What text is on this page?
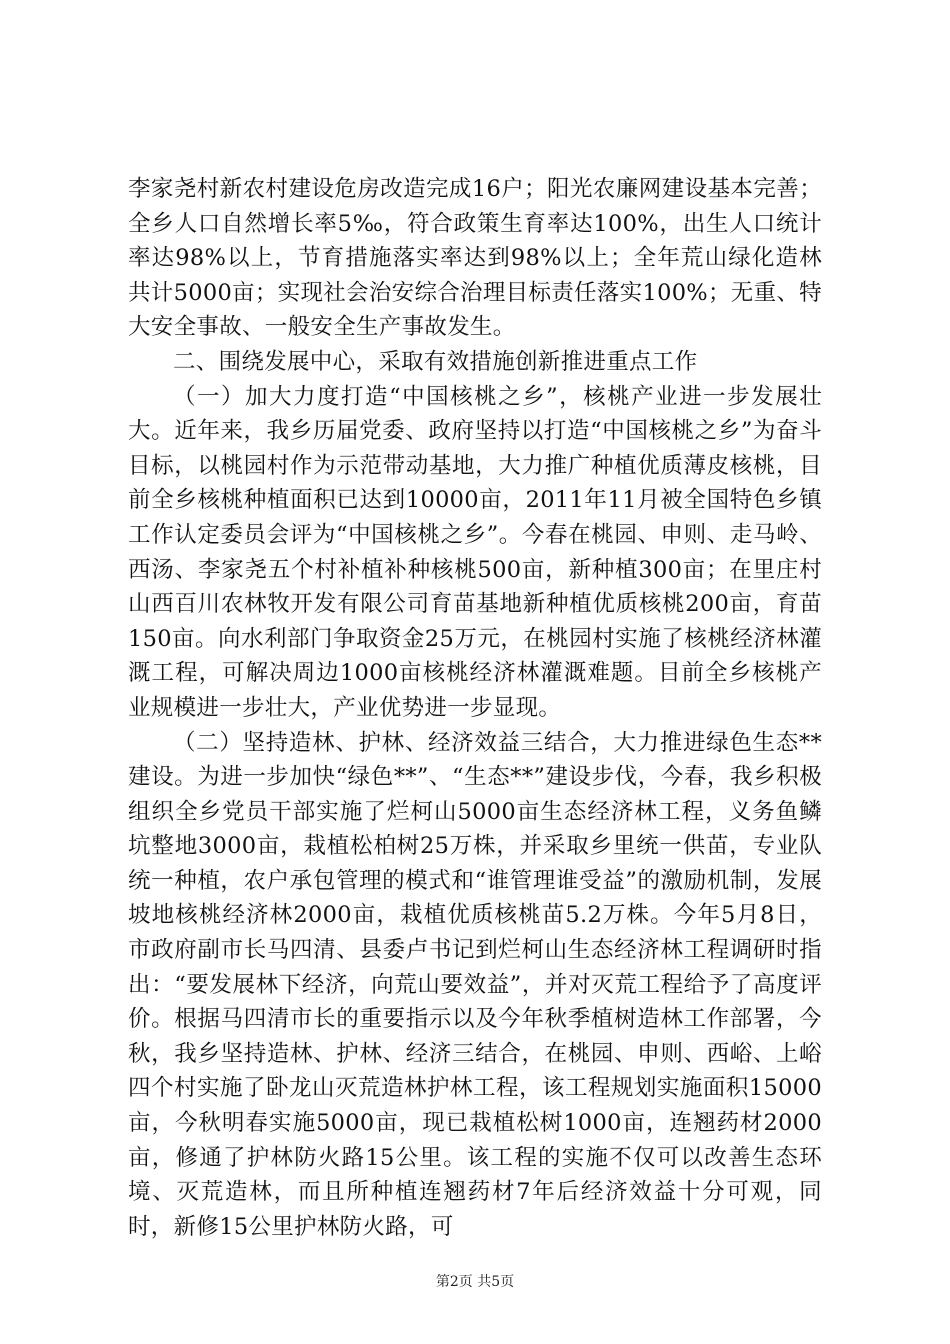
李家尧村新农村建设危房改造完成16户；阳光农廉网建设基本完善；全乡人口自然增长率5‰，符合政策生育率达100%，出生人口统计率达98%以上，节育措施落实率达到98%以上；全年荒山绿化造林共计5000亩；实现社会治安综合治理目标责任落实100%；无重、特大安全事故、一般安全生产事故发生。

二、围绕发展中心，采取有效措施创新推进重点工作

（一）加大力度打造“中国核桃之乡”，核桃产业进一步发展壮大。近年来，我乡历届党委、政府坚持以打造“中国核桃之乡”为奋斗目标，以桃园村作为示范带动基地，大力推广种植优质薄皮核桃，目前全乡核桃种植面积已达到10000亩，2011年11月被全国特色乡镇工作认定委员会评为“中国核桃之乡”。今春在桃园、申则、走马岭、西汤、李家尧五个村补植补种核桃500亩，新种植300亩；在里庄村山西百川农林牧开发有限公司育苗基地新种植优质核桃200亩，育苗150亩。向水利部门争取资金25万元，在桃园村实施了核桃经济林灌溉工程，可解决周边1000亩核桃经济林灌溉难题。目前全乡核桃产业规模进一步壮大，产业优势进一步显现。

（二）坚持造林、护林、经济效益三结合，大力推进绿色生态**建设。为进一步加快“绿色**”、“生态**”建设步伐，今春，我乡积极组织全乡党员干部实施了烂柯山5000亩生态经济林工程，义务鱼鳞坑整地3000亩，栽植松柏树25万株，并采取乡里统一供苗，专业队统一种植，农户承包管理的模式和“谁管理谁受益”的激励机制，发展坡地核桃经济林2000亩，栽植优质核桃苗5.2万株。今年5月8日，市政府副市长马四清、县委卢书记到烂柯山生态经济林工程调研时指出：“要发展林下经济，向荒山要效益”，并对灭荒工程给予了高度评价。根据马四清市长的重要指示以及今年秋季植树造林工作部署，今秋，我乡坚持造林、护林、经济三结合，在桃园、申则、西峪、上峪四个村实施了卧龙山灭荒造林护林工程，该工程规划实施面积15000亩，今秋明春实施5000亩，现已栽植松树1000亩，连翘药材2000亩，修通了护林防火路15公里。该工程的实施不仅可以改善生态环境、灭荒造林，而且所种植连翘药材7年后经济效益十分可观，同时，新修15公里护林防火路，可

第2页 共5页
